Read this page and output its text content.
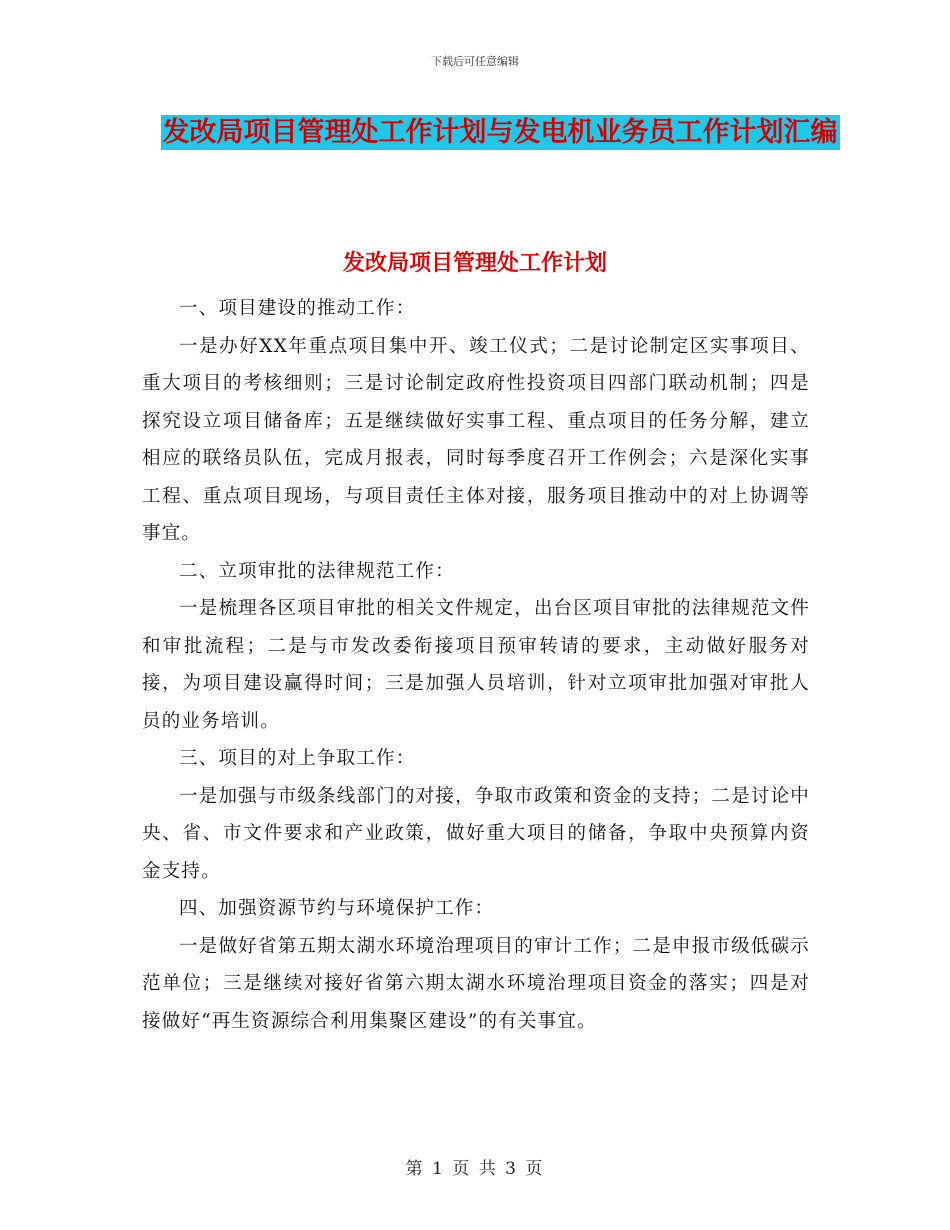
下载后可任意编辑
发改局项目管理处工作计划与发电机业务员工作计划汇编
发改局项目管理处工作计划

一、项目建设的推动工作：

一是办好XX年重点项目集中开、竣工仪式；二是讨论制定区实事项目、重大项目的考核细则；三是讨论制定政府性投资项目四部门联动机制；四是探究设立项目储备库；五是继续做好实事工程、重点项目的任务分解，建立相应的联络员队伍，完成月报表，同时每季度召开工作例会；六是深化实事工程、重点项目现场，与项目责任主体对接，服务项目推动中的对上协调等事宜。

二、立项审批的法律规范工作：

一是梳理各区项目审批的相关文件规定，出台区项目审批的法律规范文件和审批流程；二是与市发改委衔接项目预审转请的要求，主动做好服务对接，为项目建设赢得时间；三是加强人员培训，针对立项审批加强对审批人员的业务培训。

三、项目的对上争取工作：

一是加强与市级条线部门的对接，争取市政策和资金的支持；二是讨论中央、省、市文件要求和产业政策，做好重大项目的储备，争取中央预算内资金支持。

四、加强资源节约与环境保护工作：

一是做好省第五期太湖水环境治理项目的审计工作；二是申报市级低碳示范单位；三是继续对接好省第六期太湖水环境治理项目资金的落实；四是对接做好“再生资源综合利用集聚区建设”的有关事宜。

第 1 页 共 3 页
